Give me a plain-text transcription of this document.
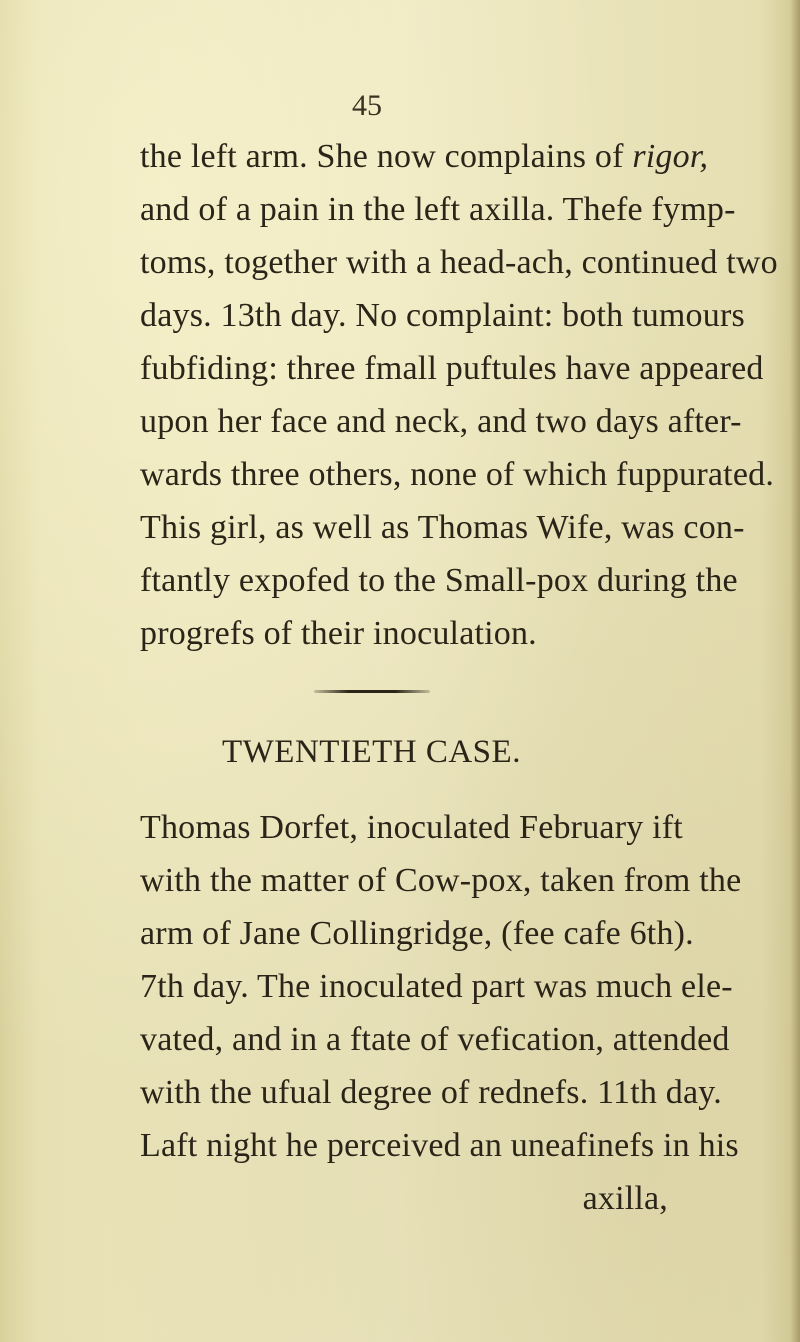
45

the left arm. She now complains of rigor,
and of a pain in the left axilla. Thefe fymp-
toms, together with a head-ach, continued two
days. 13th day. No complaint: both tumours
fubfiding: three fmall puftules have appeared
upon her face and neck, and two days after-
wards three others, none of which fuppurated.
This girl, as well as Thomas Wife, was con-
ftantly expofed to the Small-pox during the
progrefs of their inoculation.

TWENTIETH CASE.

Thomas Dorfet, inoculated February ift
with the matter of Cow-pox, taken from the
arm of Jane Collingridge, (fee cafe 6th).
7th day. The inoculated part was much ele-
vated, and in a ftate of vefication, attended
with the ufual degree of rednefs. 11th day.
Laft night he perceived an uneafinefs in his
axilla,
